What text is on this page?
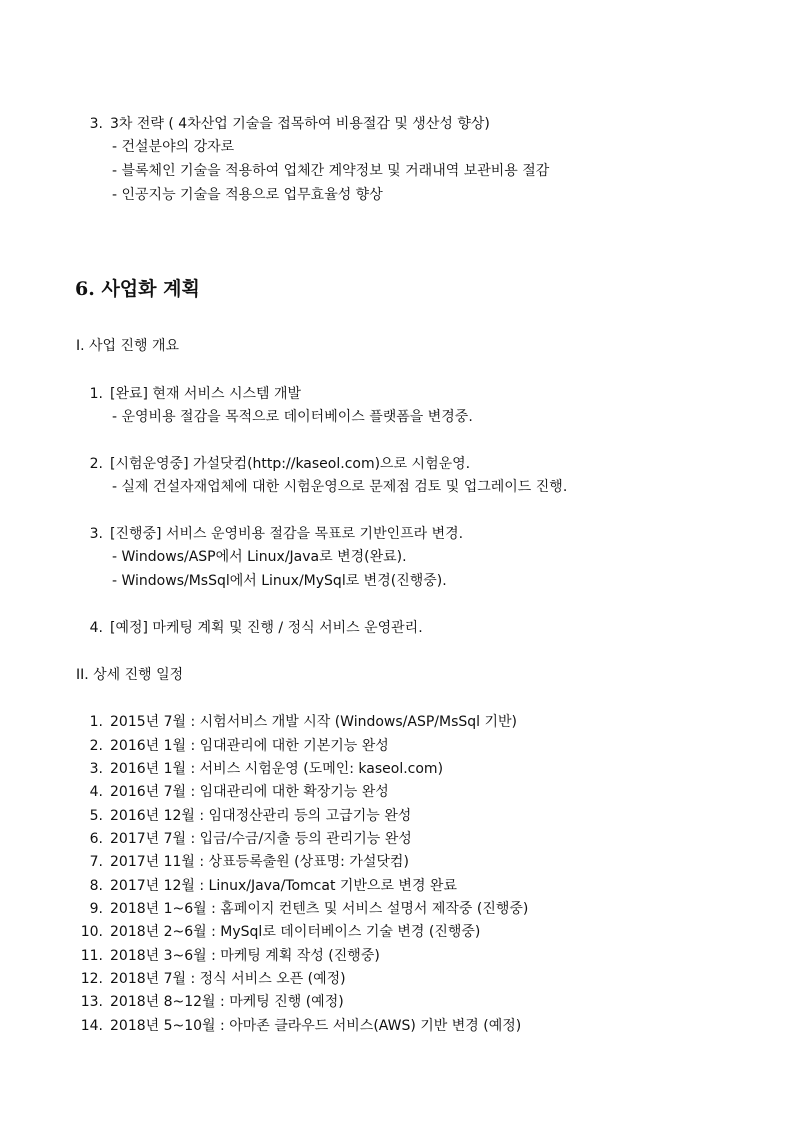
3. 3차 전략 ( 4차산업 기술을 접목하여 비용절감 및 생산성 향상)
- 건설분야의 강자로
- 블록체인 기술을 적용하여 업체간 계약정보 및 거래내역 보관비용 절감
- 인공지능 기술을 적용으로 업무효율성 향상
6. 사업화 계획
I. 사업 진행 개요
1. [완료] 현재 서비스 시스템 개발
- 운영비용 절감을 목적으로 데이터베이스 플랫폼을 변경중.
2. [시험운영중] 가설닷컴(http://kaseol.com)으로 시험운영.
- 실제 건설자재업체에 대한 시험운영으로 문제점 검토 및 업그레이드 진행.
3. [진행중] 서비스 운영비용 절감을 목표로 기반인프라 변경.
- Windows/ASP에서 Linux/Java로 변경(완료).
- Windows/MsSql에서 Linux/MySql로 변경(진행중).
4. [예정] 마케팅 계획 및 진행 / 정식 서비스 운영관리.
II. 상세 진행 일정
1. 2015년 7월 : 시험서비스 개발 시작 (Windows/ASP/MsSql 기반)
2. 2016년 1월 : 임대관리에 대한 기본기능 완성
3. 2016년 1월 : 서비스 시험운영 (도메인: kaseol.com)
4. 2016년 7월 : 임대관리에 대한 확장기능 완성
5. 2016년 12월 : 임대정산관리 등의 고급기능 완성
6. 2017년 7월 : 입금/수금/지출 등의 관리기능 완성
7. 2017년 11월 : 상표등록출원 (상표명: 가설닷컴)
8. 2017년 12월 : Linux/Java/Tomcat 기반으로 변경 완료
9. 2018년 1~6월 : 홈페이지 컨텐츠 및 서비스 설명서 제작중 (진행중)
10. 2018년 2~6월 : MySql로 데이터베이스 기술 변경 (진행중)
11. 2018년 3~6월 : 마케팅 계획 작성 (진행중)
12. 2018년 7월 : 정식 서비스 오픈 (예정)
13. 2018년 8~12월 : 마케팅 진행 (예정)
14. 2018년 5~10월 : 아마존 클라우드 서비스(AWS) 기반 변경 (예정)
